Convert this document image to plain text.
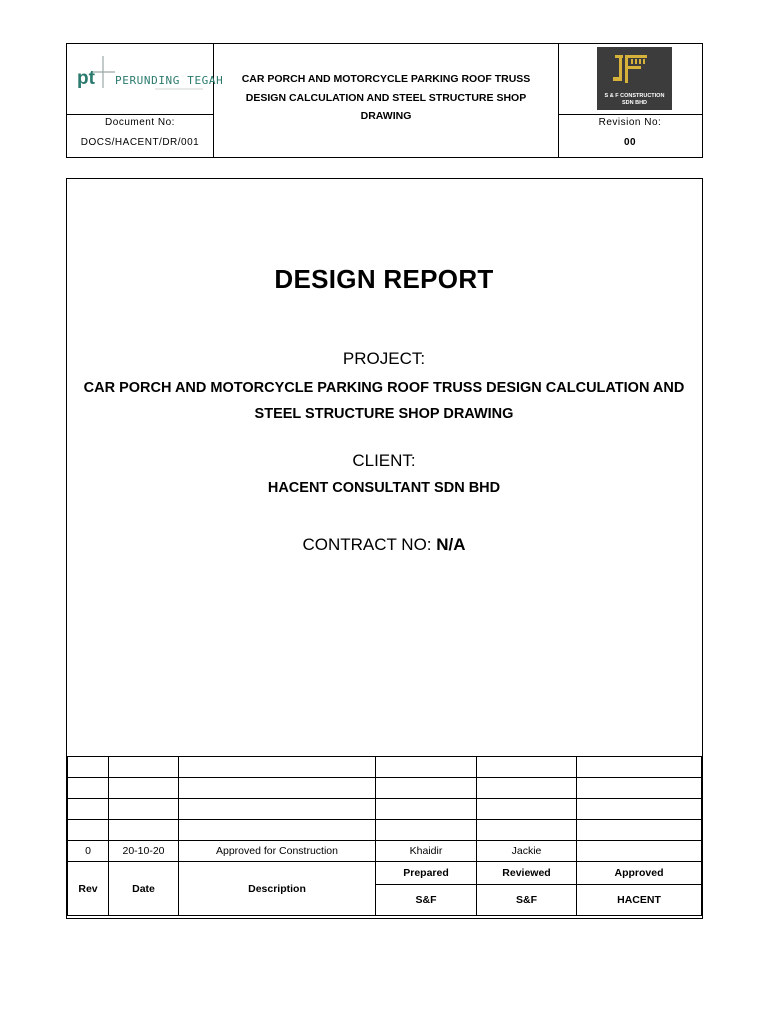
pt PERUNDING TEGAH	CAR PORCH AND MOTORCYCLE PARKING ROOF TRUSS
DESIGN CALCULATION AND STEEL STRUCTURE SHOP
DRAWING
Document No:
DOCS/HACENT/DR/001
Revision No:
00
S & F CONSTRUCTION
SDN BHD
DESIGN REPORT
PROJECT:
CAR PORCH AND MOTORCYCLE PARKING ROOF TRUSS DESIGN CALCULATION AND
STEEL STRUCTURE SHOP DRAWING
CLIENT:
HACENT CONSULTANT SDN BHD
CONTRACT NO: N/A

0	20-10-20	Approved for Construction	Khaidir	Jackie	
Rev	Date	Description	Prepared	Reviewed	Approved
			S&F	S&F	HACENT
